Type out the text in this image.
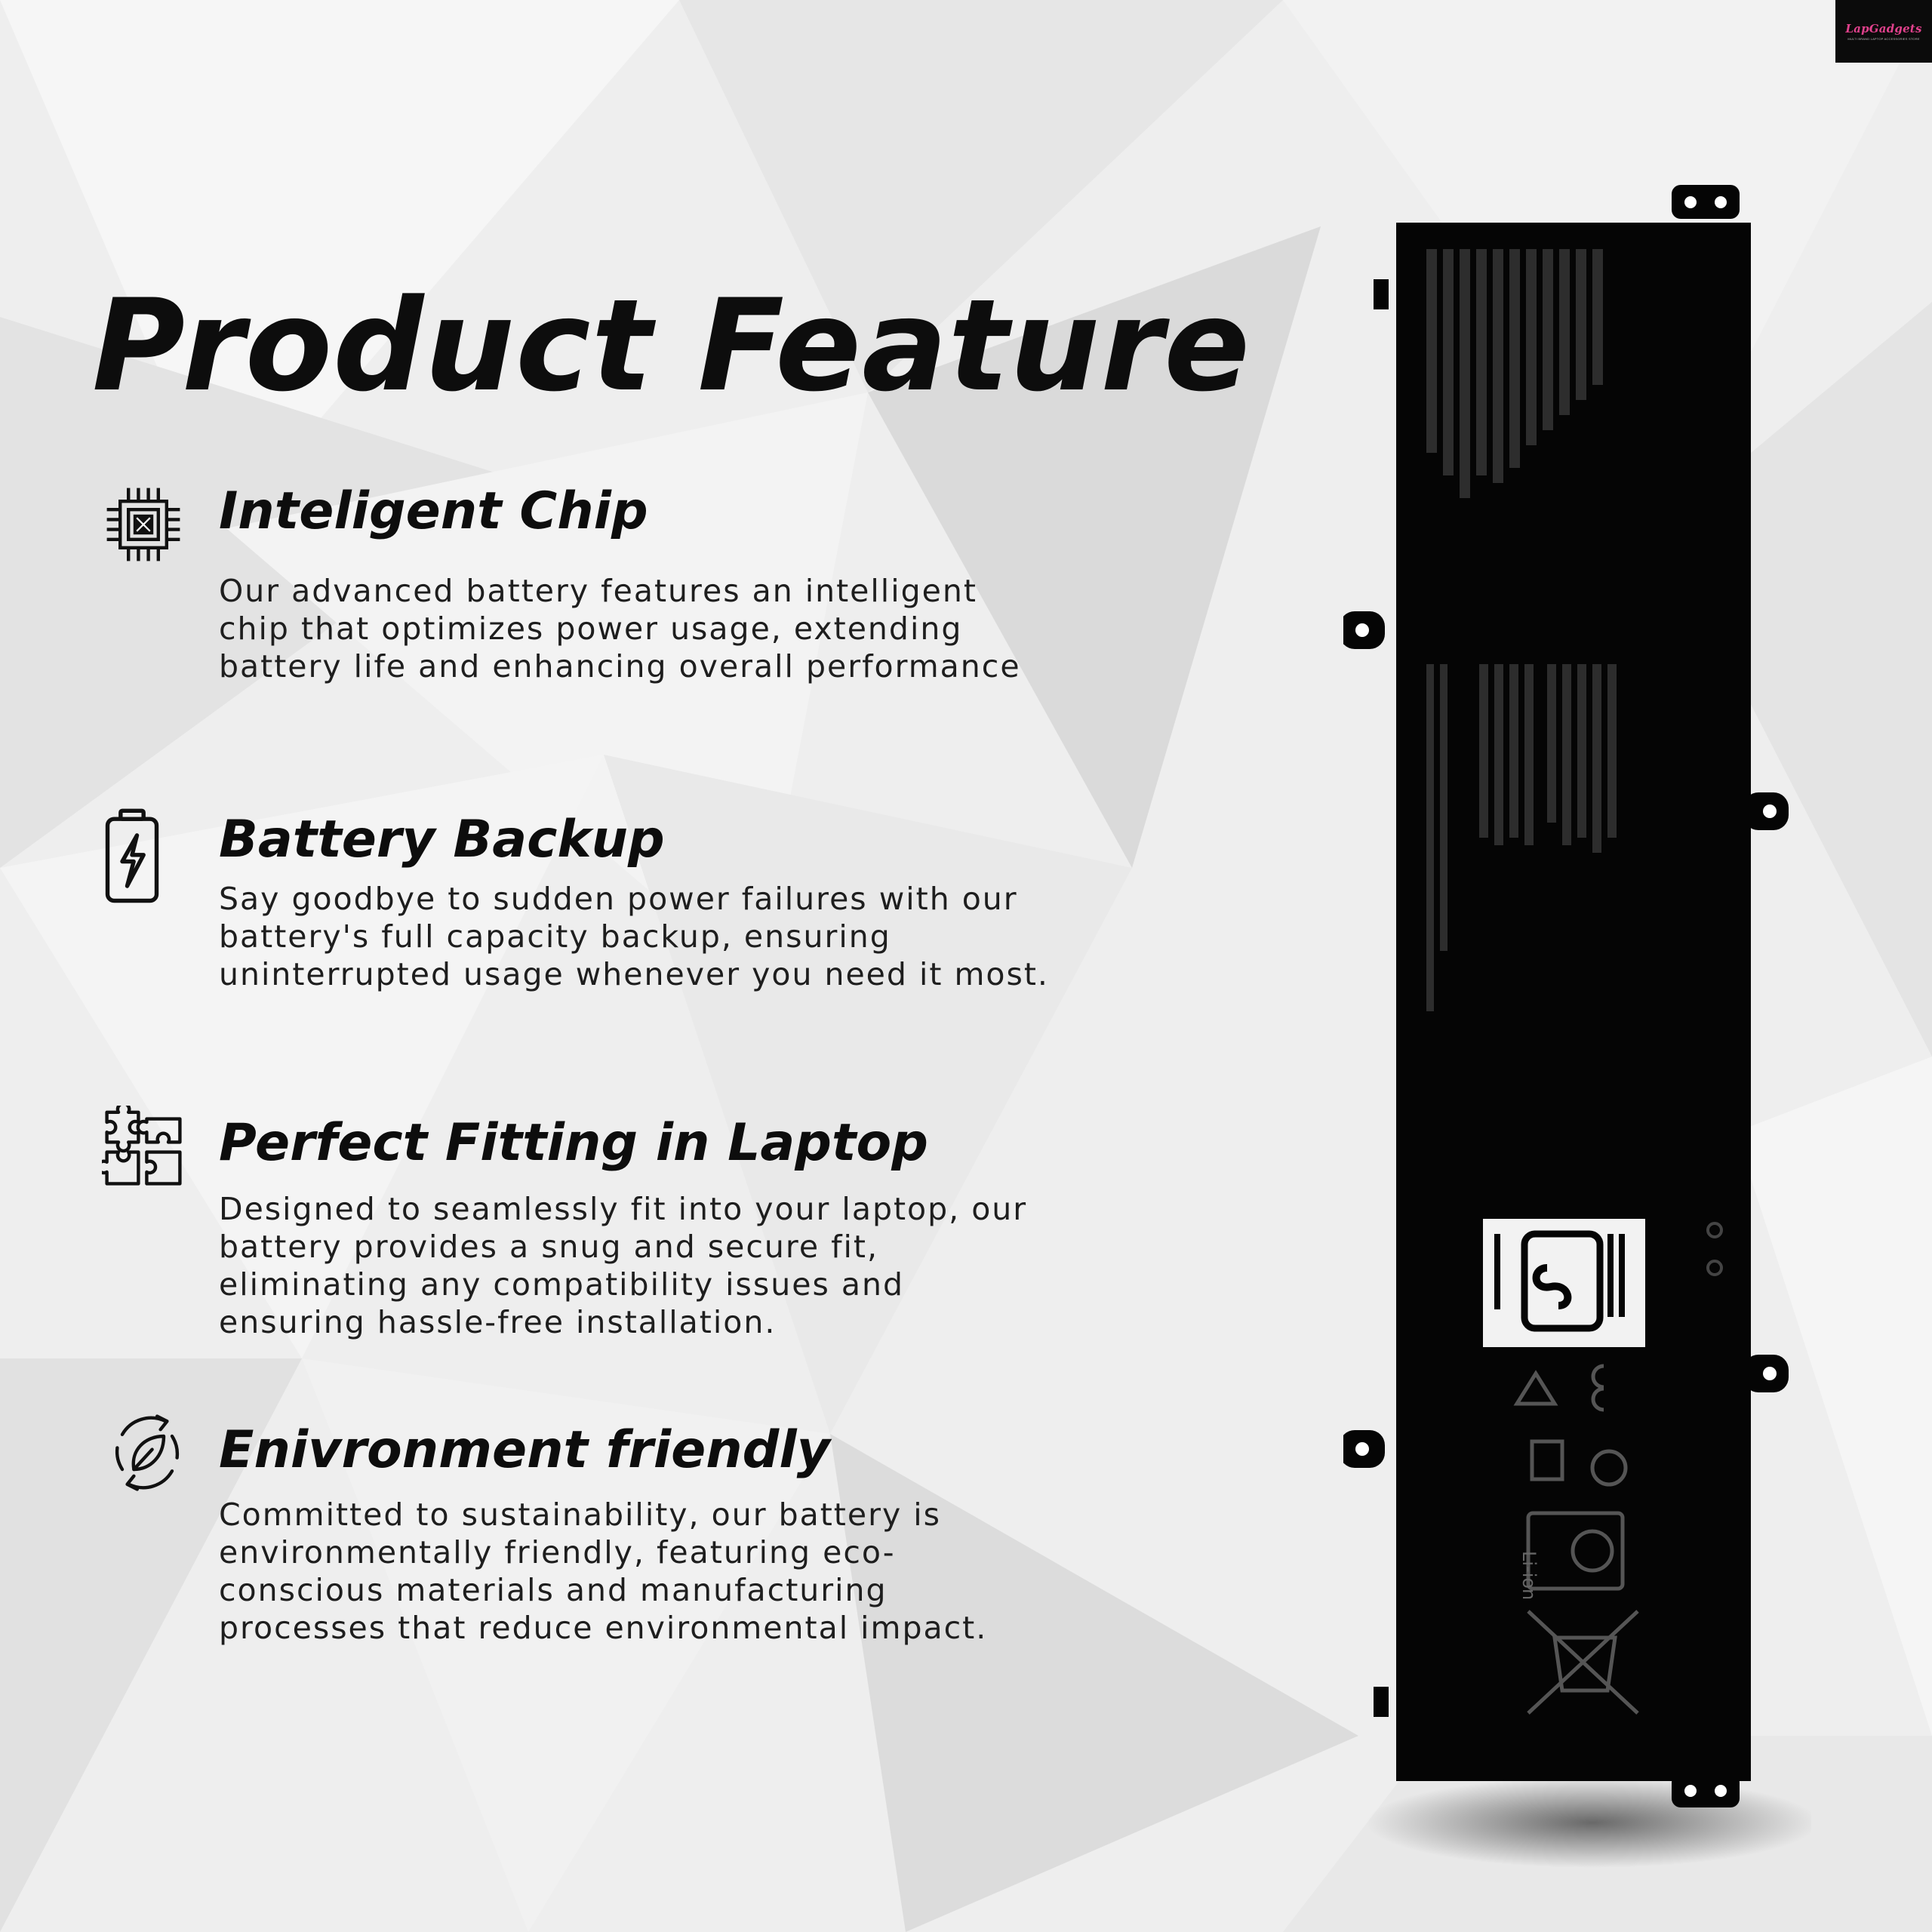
LapGadgets
MULTI BRAND LAPTOP ACCESSORIES STORE
Product Feature
Inteligent Chip

Our advanced battery features an intelligent chip that optimizes power usage, extending battery life and enhancing overall performance

Battery Backup

Say goodbye to sudden power failures with our battery's full capacity backup, ensuring uninterrupted usage whenever you need it most.

Perfect Fitting in Laptop

Designed to seamlessly fit into your laptop, our battery provides a snug and secure fit, eliminating any compatibility issues and ensuring hassle-free installation.

Enivronment friendly

Committed to sustainability, our battery is environmentally friendly, featuring eco-conscious materials and manufacturing processes that reduce environmental impact.

Li-ion
